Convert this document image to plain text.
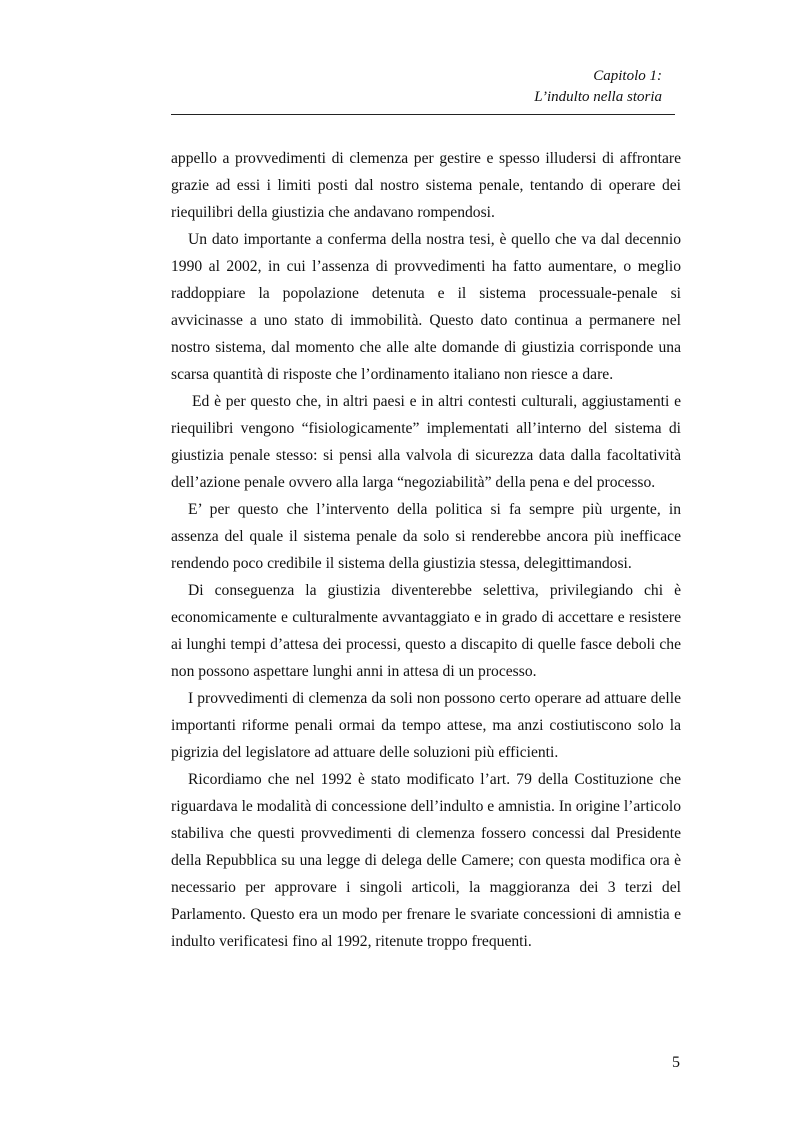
Capitolo 1:
L’indulto nella storia

appello a provvedimenti di clemenza per gestire e spesso illudersi di affrontare grazie ad essi i limiti posti dal nostro sistema penale, tentando di operare dei riequilibri della giustizia che andavano rompendosi.

Un dato importante a conferma della nostra tesi, è quello che va dal decennio 1990 al 2002, in cui l’assenza di provvedimenti ha fatto aumentare, o meglio raddoppiare la popolazione detenuta e il sistema processuale-penale si avvicinasse a uno stato di immobilità. Questo dato continua a permanere nel nostro sistema, dal momento che alle alte domande di giustizia corrisponde una scarsa quantità di risposte che l’ordinamento italiano non riesce a dare.

Ed è per questo che, in altri paesi e in altri contesti culturali, aggiustamenti e riequilibri vengono “fisiologicamente” implementati all’interno del sistema di giustizia penale stesso: si pensi alla valvola di sicurezza data dalla facoltatività dell’azione penale ovvero alla larga “negoziabilità” della pena e del processo.

E’ per questo che l’intervento della politica si fa sempre più urgente, in assenza del quale il sistema penale da solo si renderebbe ancora più inefficace rendendo poco credibile il sistema della giustizia stessa, delegittimandosi.

Di conseguenza la giustizia diventerebbe selettiva, privilegiando chi è economicamente e culturalmente avvantaggiato e in grado di accettare e resistere ai lunghi tempi d’attesa dei processi, questo a discapito di quelle fasce deboli che non possono aspettare lunghi anni in attesa di un processo.

I provvedimenti di clemenza da soli non possono certo operare ad attuare delle importanti riforme penali ormai da tempo attese, ma anzi costiutiscono solo la pigrizia del legislatore ad attuare delle soluzioni più efficienti.

Ricordiamo che nel 1992 è stato modificato l’art. 79 della Costituzione che riguardava le modalità di concessione dell’indulto e amnistia. In origine l’articolo stabiliva che questi provvedimenti di clemenza fossero concessi dal Presidente della Repubblica su una legge di delega delle Camere; con questa modifica ora è necessario per approvare i singoli articoli, la maggioranza dei 3 terzi del Parlamento. Questo era un modo per frenare le svariate concessioni di amnistia e indulto verificatesi fino al 1992, ritenute troppo frequenti.

5
